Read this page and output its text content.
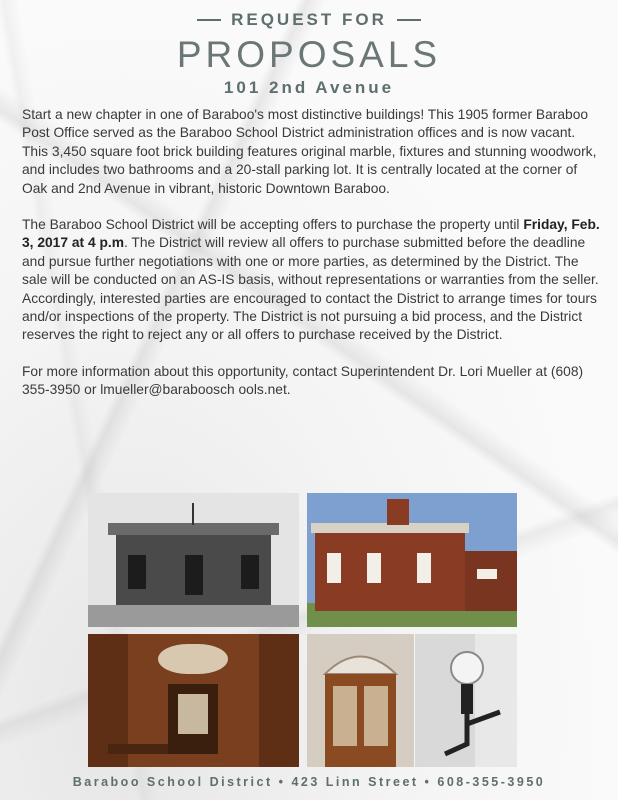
REQUEST FOR
PROPOSALS
101 2nd Avenue

Start a new chapter in one of Baraboo's most distinctive buildings! This 1905 former Baraboo Post Office served as the Baraboo School District administration offices and is now vacant. This 3,450 square foot brick building features original marble, fixtures and stunning woodwork, and includes two bathrooms and a 20-stall parking lot. It is centrally located at the corner of Oak and 2nd Avenue in vibrant, historic Downtown Baraboo.

The Baraboo School District will be accepting offers to purchase the property until Friday, Feb. 3, 2017 at 4 p.m. The District will review all offers to purchase submitted before the deadline and pursue further negotiations with one or more parties, as determined by the District. The sale will be conducted on an AS-IS basis, without representations or warranties from the seller. Accordingly, interested parties are encouraged to contact the District to arrange times for tours and/or inspections of the property. The District is not pursuing a bid process, and the District reserves the right to reject any or all offers to purchase received by the District.

For more information about this opportunity, contact Superintendent Dr. Lori Mueller at (608) 355-3950 or lmueller@baraboosch ools.net.

Baraboo School District • 423 Linn Street • 608-355-3950
